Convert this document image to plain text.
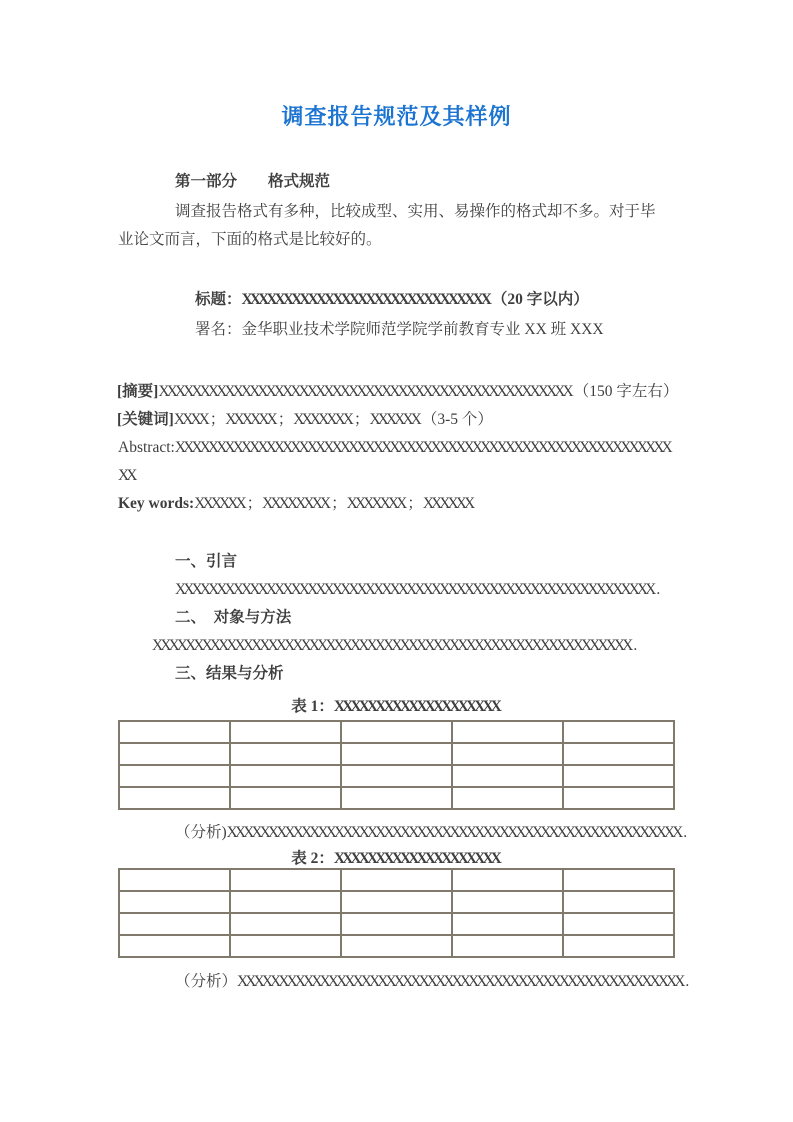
调查报告规范及其样例
第一部分　　格式规范
调查报告格式有多种，比较成型、实用、易操作的格式却不多。对于毕
业论文而言，下面的格式是比较好的。
标题：XXXXXXXXXXXXXXXXXXXXXXXXXXXXXX （20 字以内）
署名：金华职业技术学院师范学院学前教育专业 XX 班 XXX
[摘要]XXXXXXXXXXXXXXXXXXXXXXXXXXXXXXXXXXXXXXXXXXXXXXXXXX （150 字左右）
[关键词]XXXX ；XXXXXX ；XXXXXXX ；XXXXXX （3-5 个）
Abstract:XXXXXXXXXXXXXXXXXXXXXXXXXXXXXXXXXXXXXXXXXXXXXXXXXXXXXXXXXXXX
XX
Key words:XXXXXX ；XXXXXXXX ；XXXXXXX ；XXXXXX
一、引言
XXXXXXXXXXXXXXXXXXXXXXXXXXXXXXXXXXXXXXXXXXXXXXXXXXXXXXXXXX .
二、　对象与方法
XXXXXXXXXXXXXXXXXXXXXXXXXXXXXXXXXXXXXXXXXXXXXXXXXXXXXXXXXX .
三、结果与分析
表 1：XXXXXXXXXXXXXXXXXXXX

（分析)XXXXXXXXXXXXXXXXXXXXXXXXXXXXXXXXXXXXXXXXXXXXXXXXXXXXXXX .
表 2：XXXXXXXXXXXXXXXXXXXX

（分析）XXXXXXXXXXXXXXXXXXXXXXXXXXXXXXXXXXXXXXXXXXXXXXXXXXXXXX .
